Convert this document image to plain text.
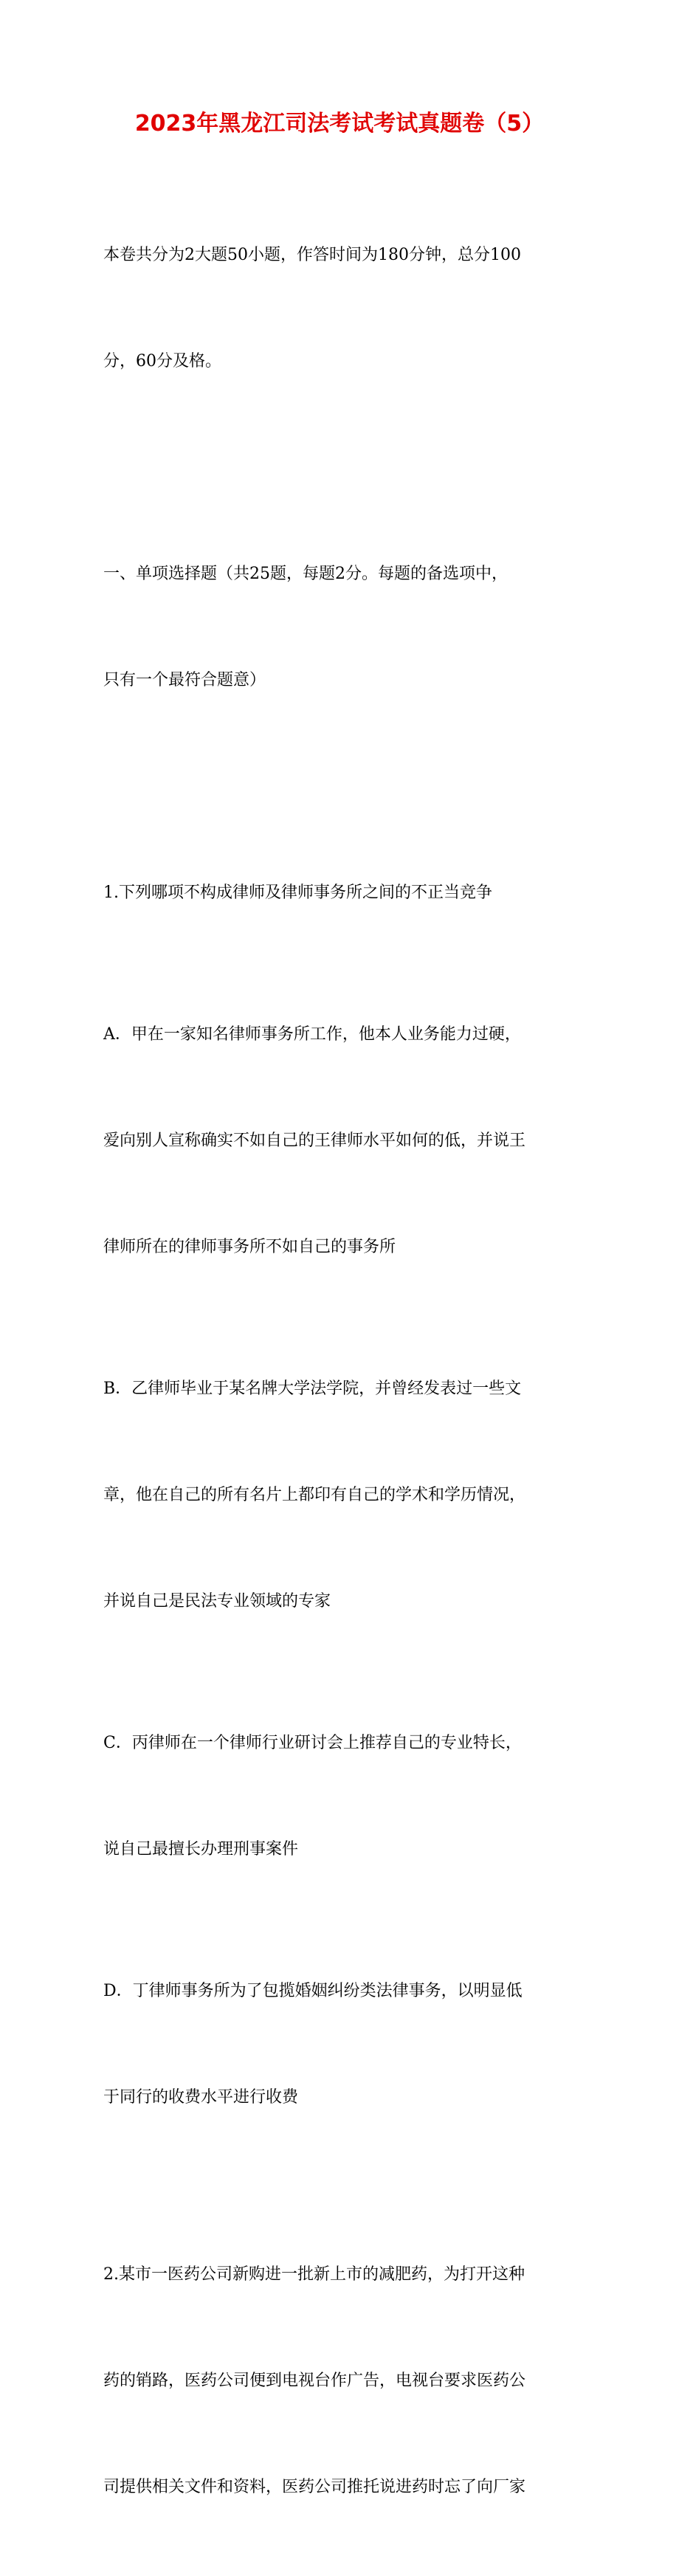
2023年黑龙江司法考试考试真题卷（5）

本卷共分为2大题50小题，作答时间为180分钟，总分100

分，60分及格。

一、单项选择题（共25题，每题2分。每题的备选项中，

只有一个最符合题意）

1.下列哪项不构成律师及律师事务所之间的不正当竞争

A．甲在一家知名律师事务所工作，他本人业务能力过硬，

爱向别人宣称确实不如自己的王律师水平如何的低，并说王

律师所在的律师事务所不如自己的事务所

B．乙律师毕业于某名牌大学法学院，并曾经发表过一些文

章，他在自己的所有名片上都印有自己的学术和学历情况，

并说自己是民法专业领域的专家

C．丙律师在一个律师行业研讨会上推荐自己的专业特长，

说自己最擅长办理刑事案件

D．丁律师事务所为了包揽婚姻纠纷类法律事务，以明显低

于同行的收费水平进行收费

2.某市一医药公司新购进一批新上市的减肥药，为打开这种

药的销路，医药公司便到电视台作广告，电视台要求医药公

司提供相关文件和资料，医药公司推托说进药时忘了向厂家
